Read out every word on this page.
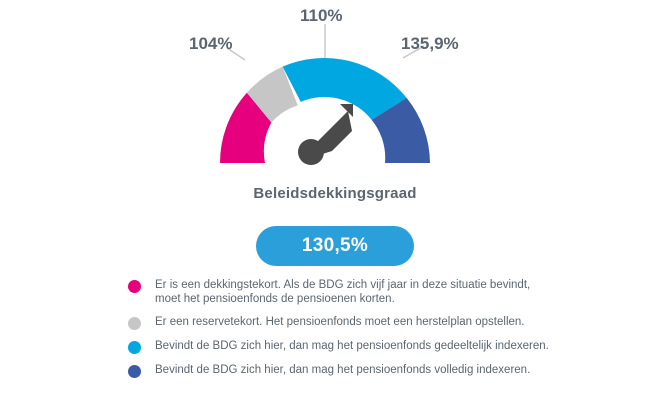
104%
110%
135,9%
Beleidsdekkingsgraad
130,5%
Er is een dekkingstekort. Als de BDG zich vijf jaar in deze situatie bevindt, moet het pensioenfonds de pensioenen korten.
Er een reservetekort. Het pensioenfonds moet een herstelplan opstellen.
Bevindt de BDG zich hier, dan mag het pensioenfonds gedeeltelijk indexeren.
Bevindt de BDG zich hier, dan mag het pensioenfonds volledig indexeren.
